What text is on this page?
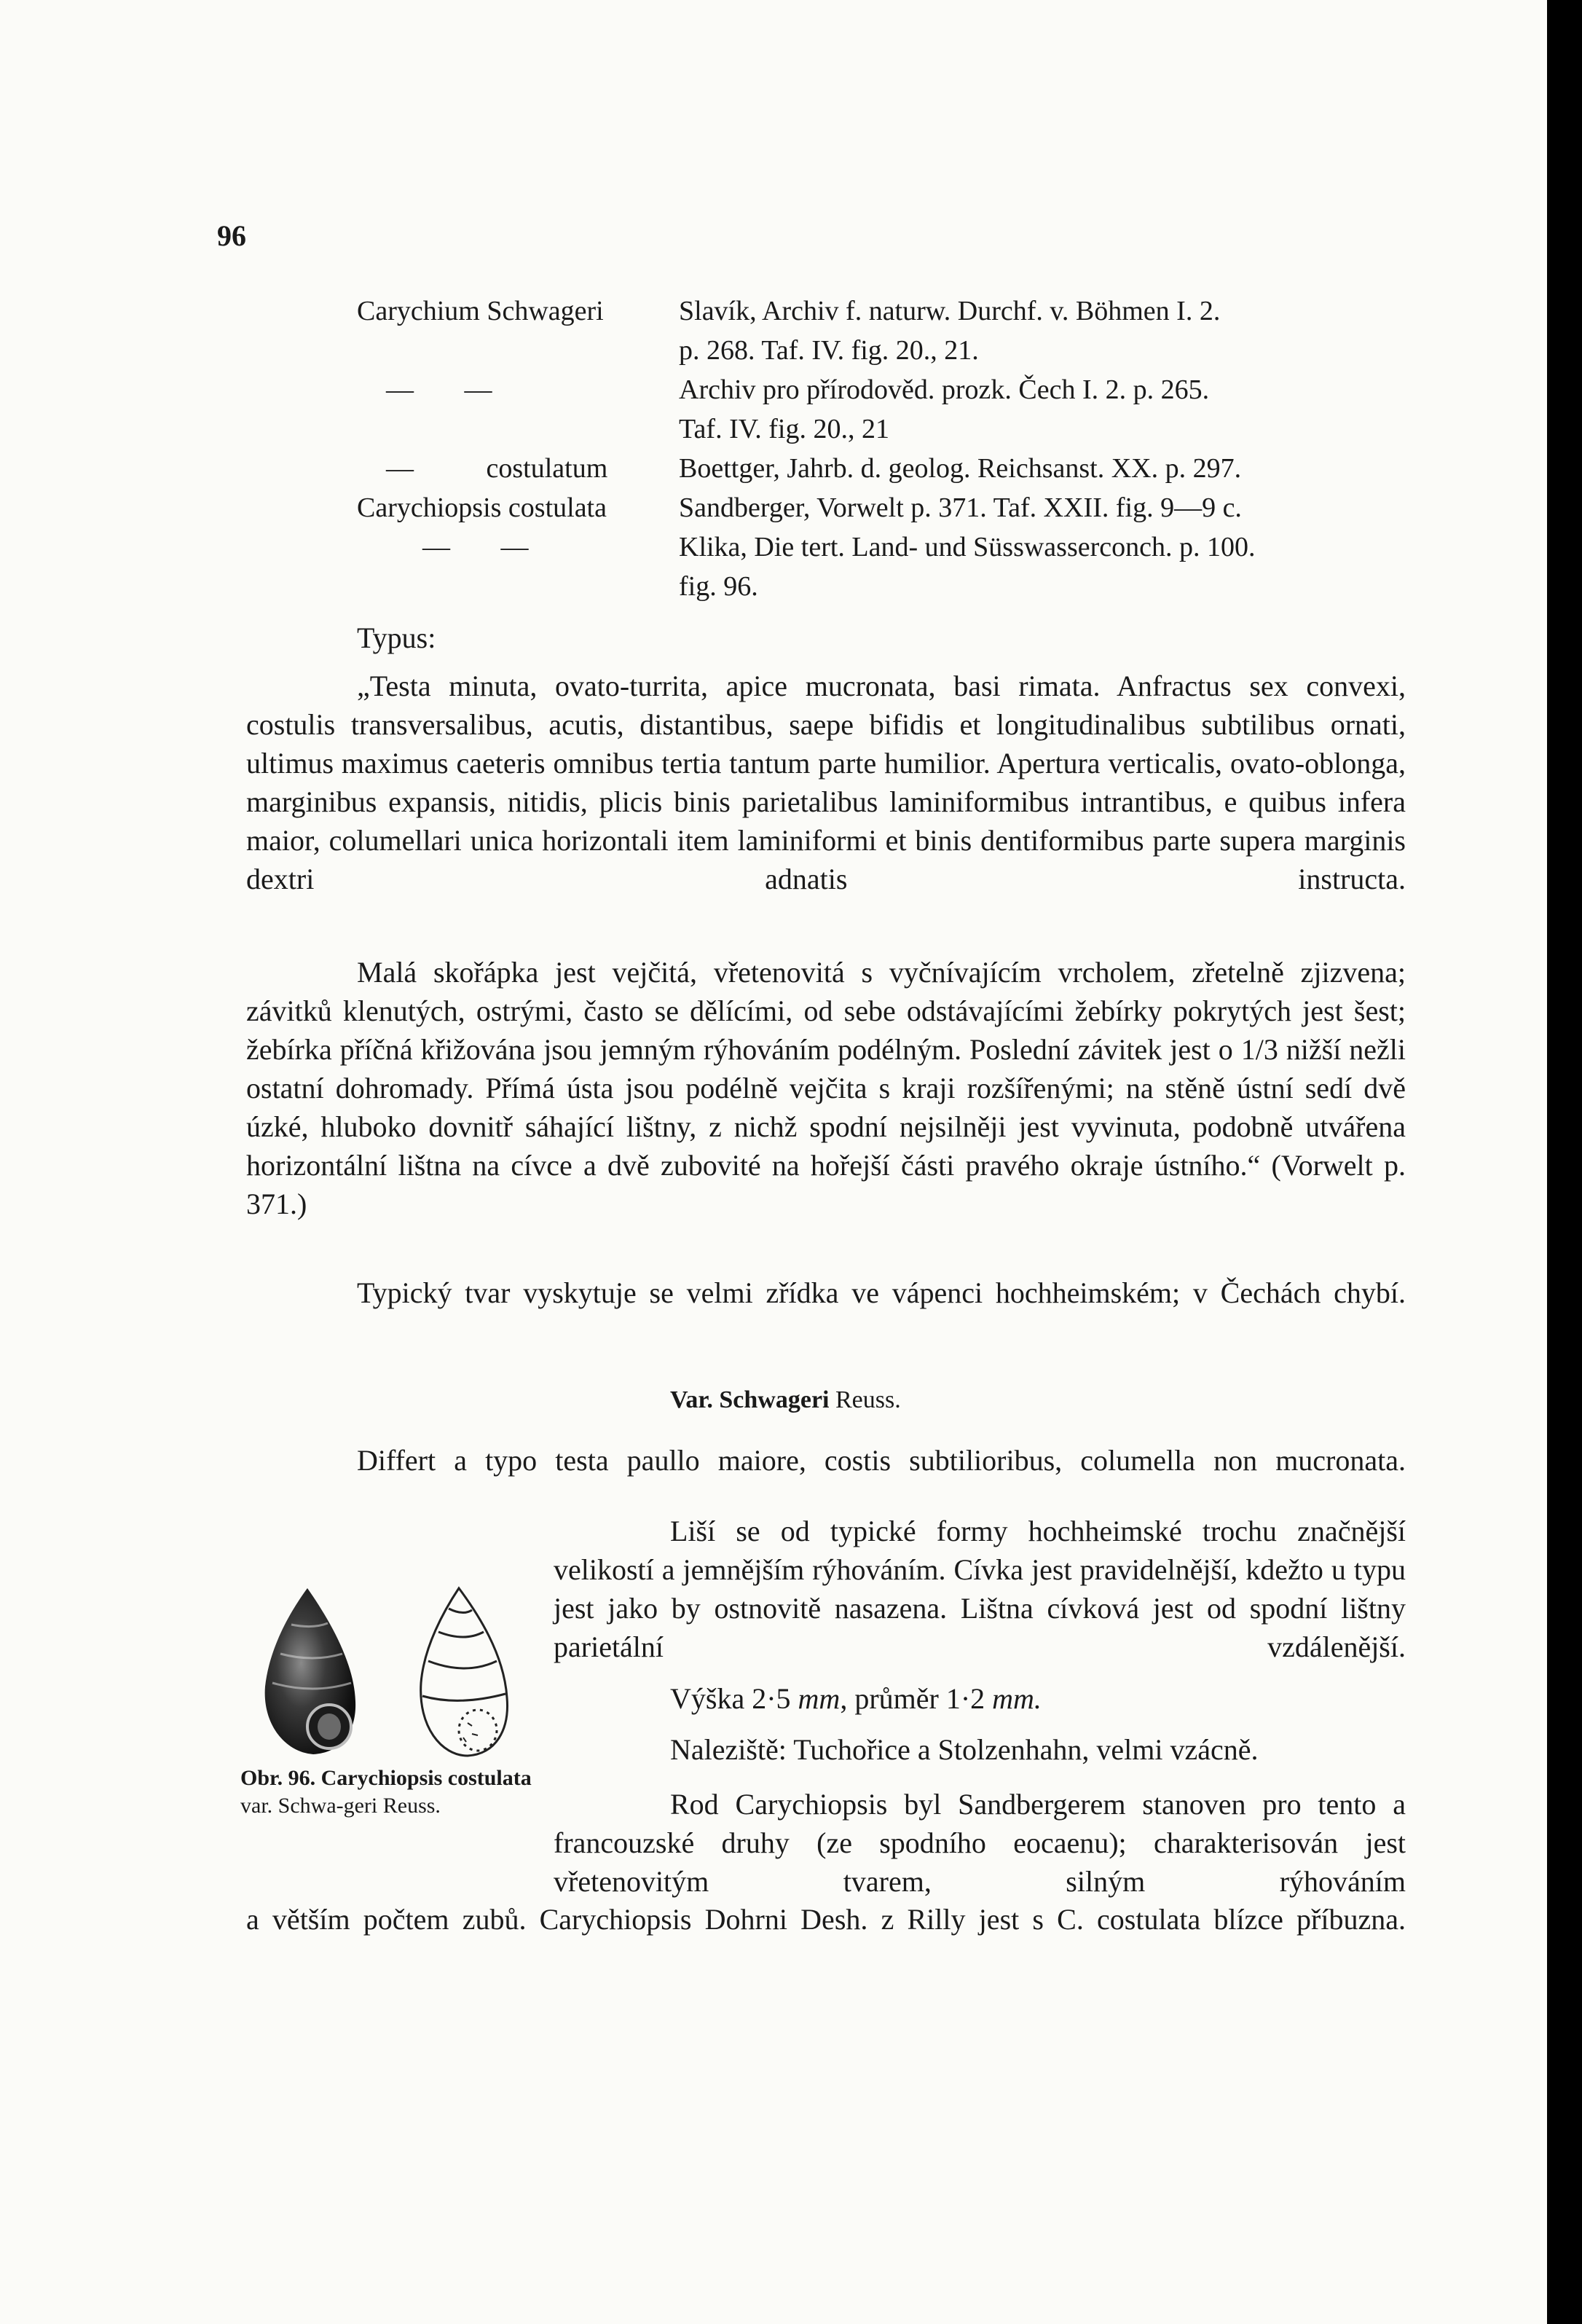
96
Carychium Schwageri	Slavík, Archiv f. naturw. Durchf. v. Böhmen I. 2.
p. 268. Taf. IV. fig. 20., 21.
— —	Archiv pro přírodověd. prozk. Čech I. 2. p. 265.
Taf. IV. fig. 20., 21
— costulatum	Boettger, Jahrb. d. geolog. Reichsanst. XX. p. 297.
Carychiopsis costulata	Sandberger, Vorwelt p. 371. Taf. XXII. fig. 9—9 c.
— —	Klika, Die tert. Land- und Süsswasserconch. p. 100.
fig. 96.
Typus:
„Testa minuta, ovato-turrita, apice mucronata, basi rimata. Anfractus sex convexi, costulis transversalibus, acutis, distantibus, saepe bifidis et longitudinalibus subtilibus ornati, ultimus maximus caeteris omnibus tertia tantum parte humilior. Apertura verticalis, ovato-oblonga, marginibus expansis, nitidis, plicis binis parietalibus laminiformibus intrantibus, e quibus infera maior, columellari unica horizontali item laminiformi et binis dentiformibus parte supera marginis dextri adnatis instructa.
Malá skořápka jest vejčitá, vřetenovitá s vyčnívajícím vrcholem, zřetelně zjizvena; závitků klenutých, ostrými, často se dělícími, od sebe odstávajícími žebírky pokrytých jest šest; žebírka příčná křižována jsou jemným rýhováním podélným. Poslední závitek jest o 1/3 nižší nežli ostatní dohromady. Přímá ústa jsou podélně vejčita s kraji rozšířenými; na stěně ústní sedí dvě úzké, hluboko dovnitř sáhající lištny, z nichž spodní nejsilněji jest vyvinuta, podobně utvářena horizontální lištna na cívce a dvě zubovité na hořejší části pravého okraje ústního.“ (Vorwelt p. 371.)
Typický tvar vyskytuje se velmi zřídka ve vápenci hochheimském; v Čechách chybí.
Var. Schwageri Reuss.
Differt a typo testa paullo maiore, costis subtilioribus, columella non mucronata.
Liší se od typické formy hochheimské trochu značnější velikostí a jemnějším rýhováním. Cívka jest pravidelnější, kdežto u typu jest jako by ostnovitě nasazena. Lištna cívková jest od spodní lištny parietální vzdálenější.
Výška 2·5 mm, průměr 1·2 mm.
Naleziště: Tuchořice a Stolzenhahn, velmi vzácně.
Rod Carychiopsis byl Sandbergerem stanoven pro tento a francouzské druhy (ze spodního eocaenu); charakterisován jest vřetenovitým tvarem, silným rýhováním
a větším počtem zubů. Carychiopsis Dohrni Desh. z Rilly jest s C. costulata blízce příbuzna.
Obr. 96. Carychiopsis costulata var. Schwa-geri Reuss.
